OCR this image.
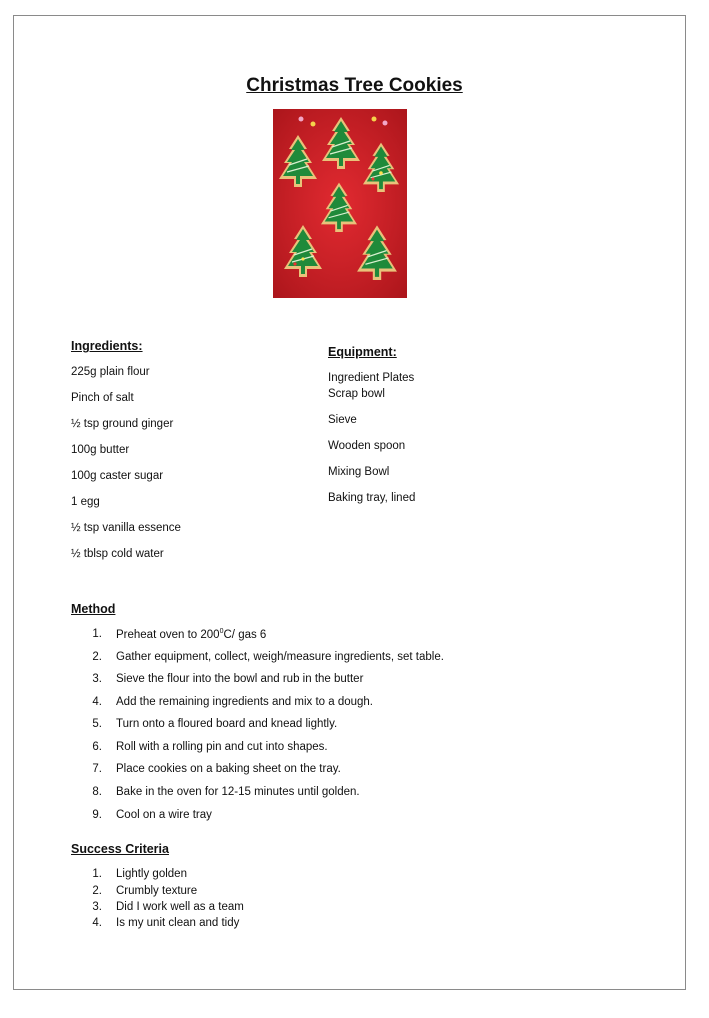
Christmas Tree Cookies
Ingredients:
225g plain flour
Pinch of salt
½ tsp ground ginger
100g butter
100g caster sugar
1 egg
½ tsp vanilla essence
½ tblsp cold water
Equipment:
Ingredient Plates
Scrap bowl
Sieve
Wooden spoon
Mixing Bowl
Baking tray, lined
Method
1. Preheat oven to $200^0C/$ gas 6
2. Gather equipment, collect, weigh/measure ingredients, set table.
3. Sieve the flour into the bowl and rub in the butter
4. Add the remaining ingredients and mix to a dough.
5. Turn onto a floured board and knead lightly.
6. Roll with a rolling pin and cut into shapes.
7. Place cookies on a baking sheet on the tray.
8. Bake in the oven for 12-15 minutes until golden.
9. Cool on a wire tray
Success Criteria
1. Lightly golden
2. Crumbly texture
3. Did I work well as a team
4. Is my unit clean and tidy
